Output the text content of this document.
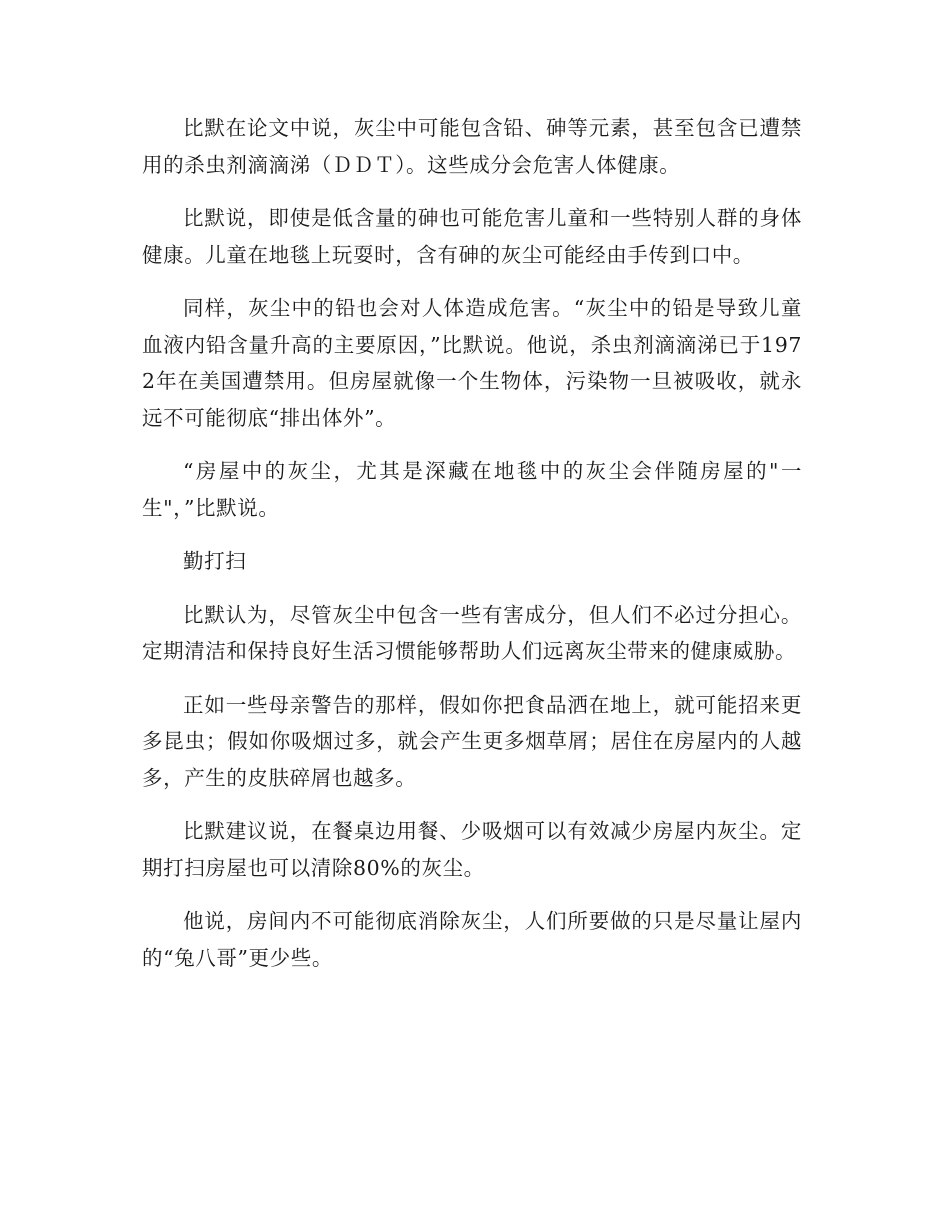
比默在论文中说，灰尘中可能包含铅、砷等元素，甚至包含已遭禁用的杀虫剂滴滴涕（ＤＤＴ）。这些成分会危害人体健康。

比默说，即使是低含量的砷也可能危害儿童和一些特别人群的身体健康。儿童在地毯上玩耍时，含有砷的灰尘可能经由手传到口中。

同样，灰尘中的铅也会对人体造成危害。“灰尘中的铅是导致儿童血液内铅含量升高的主要原因，”比默说。他说，杀虫剂滴滴涕已于1972年在美国遭禁用。但房屋就像一个生物体，污染物一旦被吸收，就永远不可能彻底“排出体外”。

“房屋中的灰尘，尤其是深藏在地毯中的灰尘会伴随房屋的"一生"，”比默说。

勤打扫

比默认为，尽管灰尘中包含一些有害成分，但人们不必过分担心。定期清洁和保持良好生活习惯能够帮助人们远离灰尘带来的健康威胁。

正如一些母亲警告的那样，假如你把食品洒在地上，就可能招来更多昆虫；假如你吸烟过多，就会产生更多烟草屑；居住在房屋内的人越多，产生的皮肤碎屑也越多。

比默建议说，在餐桌边用餐、少吸烟可以有效减少房屋内灰尘。定期打扫房屋也可以清除80%的灰尘。

他说，房间内不可能彻底消除灰尘，人们所要做的只是尽量让屋内的“兔八哥”更少些。
